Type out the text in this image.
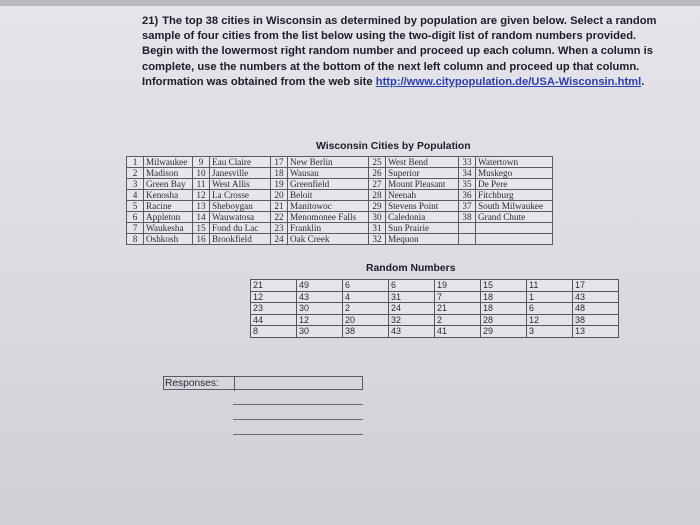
21) The top 38 cities in Wisconsin as determined by population are given below. Select a random sample of four cities from the list below using the two-digit list of random numbers provided. Begin with the lowermost right random number and proceed up each column. When a column is complete, use the numbers at the bottom of the next left column and proceed up that column. Information was obtained from the web site http://www.citypopulation.de/USA-Wisconsin.html.
Wisconsin Cities by Population
1	Milwaukee	9	Eau Claire	17	New Berlin	25	West Bend	33	Watertown
2	Madison	10	Janesville	18	Wausau	26	Superior	34	Muskego
3	Green Bay	11	West Allis	19	Greenfield	27	Mount Pleasant	35	De Pere
4	Kenosha	12	La Crosse	20	Beloit	28	Neenah	36	Fitchburg
5	Racine	13	Sheboygan	21	Manitowoc	29	Stevens Point	37	South Milwaukee
6	Appleton	14	Wauwatosa	22	Menomonee Falls	30	Caledonia	38	Grand Chute
7	Waukesha	15	Fond du Lac	23	Franklin	31	Sun Prairie		
8	Oshkosh	16	Brookfield	24	Oak Creek	32	Mequon		
Random Numbers
21	49	6	6	19	15	11	17
12	43	4	31	7	18	1	43
23	30	2	24	21	18	6	48
44	12	20	32	2	28	12	38
8	30	38	43	41	29	3	13
Responses:
